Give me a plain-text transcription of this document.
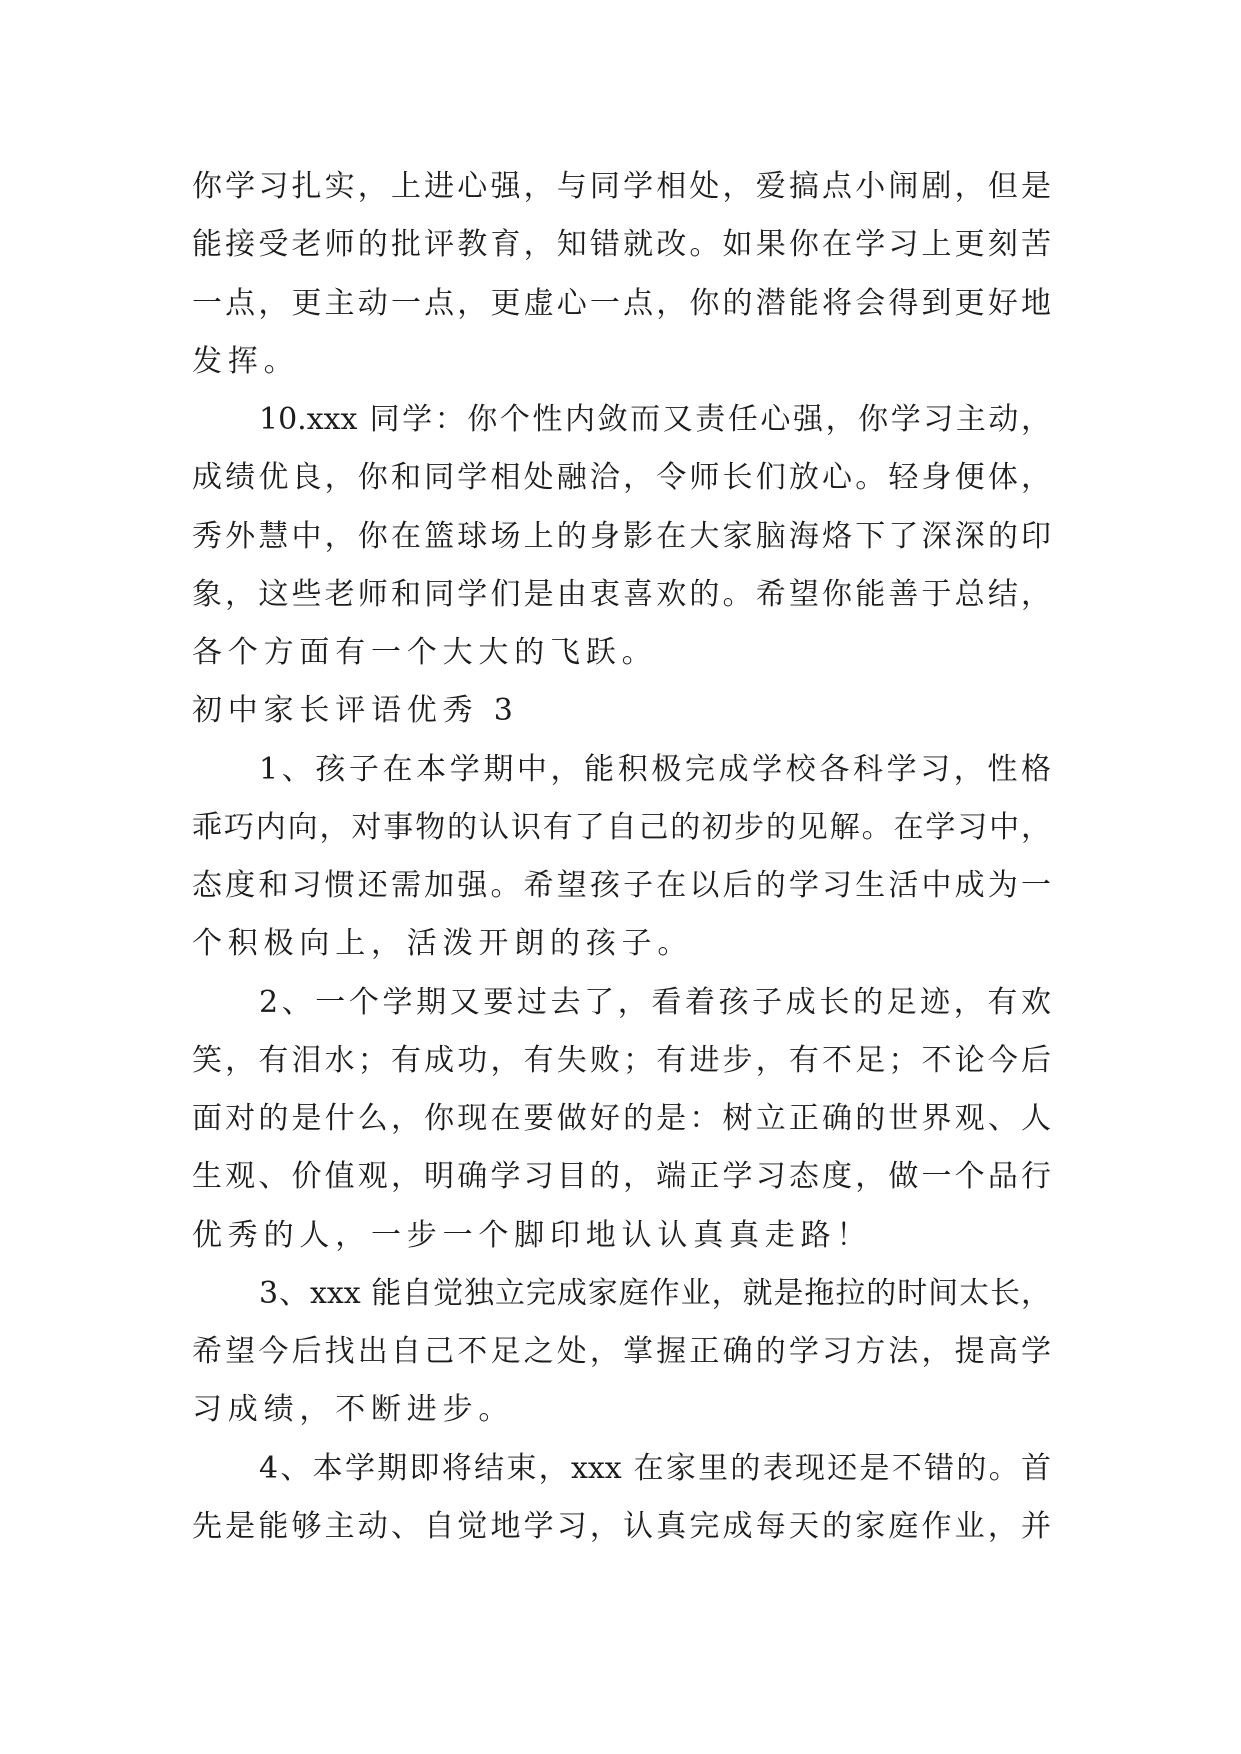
你学习扎实，上进心强，与同学相处，爱搞点小闹剧，但是
能接受老师的批评教育，知错就改。如果你在学习上更刻苦
一点，更主动一点，更虚心一点，你的潜能将会得到更好地
发挥。
10.xxx 同学：你个性内敛而又责任心强，你学习主动，
成绩优良，你和同学相处融洽，令师长们放心。轻身便体，
秀外慧中，你在篮球场上的身影在大家脑海烙下了深深的印
象，这些老师和同学们是由衷喜欢的。希望你能善于总结，
各个方面有一个大大的飞跃。
初中家长评语优秀 3
1、孩子在本学期中，能积极完成学校各科学习，性格
乖巧内向，对事物的认识有了自己的初步的见解。在学习中，
态度和习惯还需加强。希望孩子在以后的学习生活中成为一
个积极向上，活泼开朗的孩子。
2、一个学期又要过去了，看着孩子成长的足迹，有欢
笑，有泪水；有成功，有失败；有进步，有不足；不论今后
面对的是什么，你现在要做好的是：树立正确的世界观、人
生观、价值观，明确学习目的，端正学习态度，做一个品行
优秀的人，一步一个脚印地认认真真走路！
3、xxx 能自觉独立完成家庭作业，就是拖拉的时间太长，
希望今后找出自己不足之处，掌握正确的学习方法，提高学
习成绩，不断进步。
4、本学期即将结束，xxx 在家里的表现还是不错的。首
先是能够主动、自觉地学习，认真完成每天的家庭作业，并
